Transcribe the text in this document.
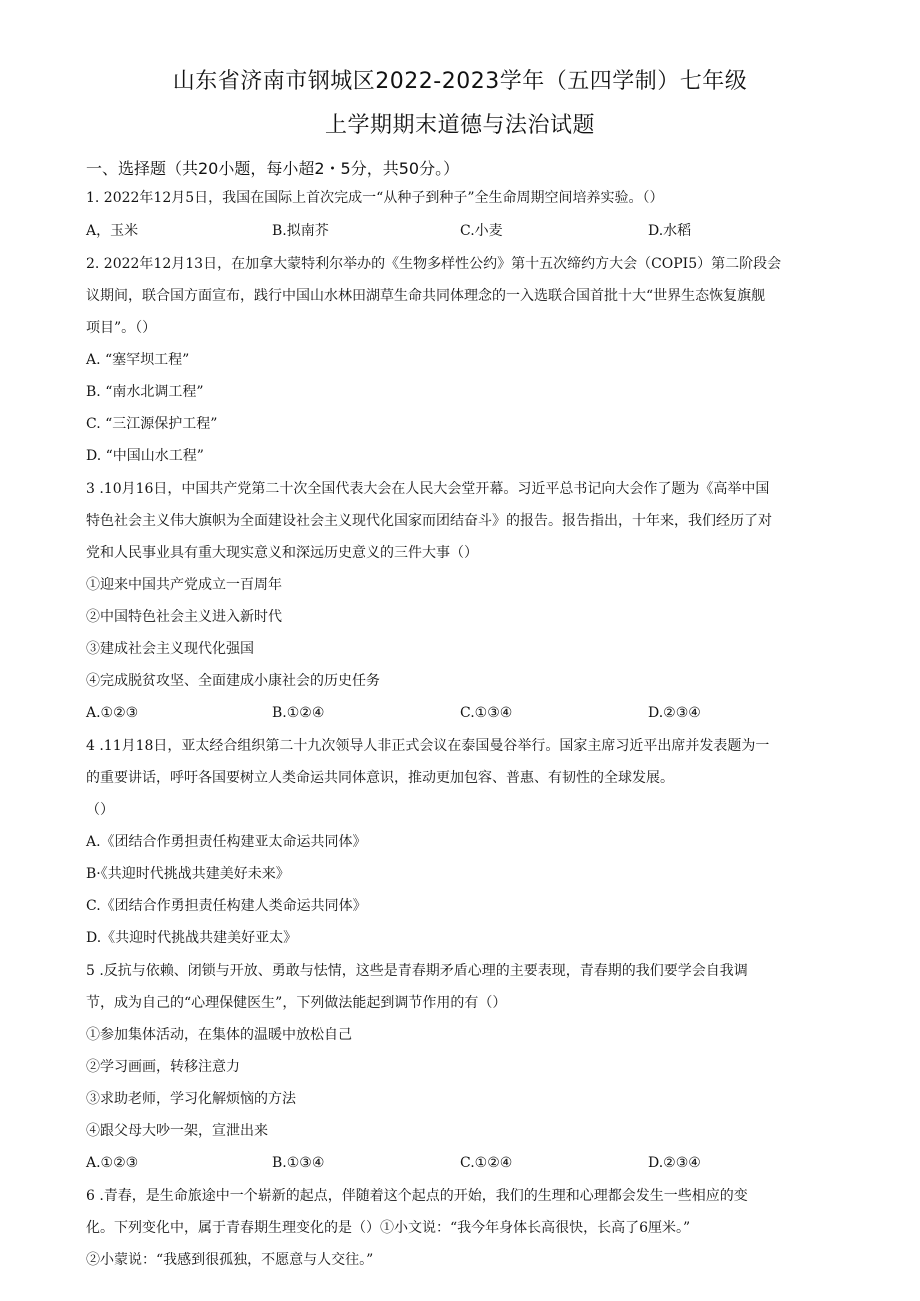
山东省济南市钢城区2022-2023学年（五四学制）七年级
上学期期末道德与法治试题
一、选择题（共20小题，每小超2・5分，共50分。）
1. 2022年12月5日，我国在国际上首次完成一“从种子到种子”全生命周期空间培养实验。（）
A，玉米	B.拟南芥	C.小麦	D.水稻
2. 2022年12月13日，在加拿大蒙特利尔举办的《生物多样性公约》第十五次缔约方大会（COPI5）第二阶段会
议期间，联合国方面宣布，践行中国山水林田湖草生命共同体理念的一入选联合国首批十大“世界生态恢复旗舰
项目”。（）
A. “塞罕坝工程”
B. “南水北调工程”
C. “三江源保护工程”
D. “中国山水工程”
3 .10月16日，中国共产党第二十次全国代表大会在人民大会堂开幕。习近平总书记向大会作了题为《高举中国
特色社会主义伟大旗帜为全面建设社会主义现代化国家而团结奋斗》的报告。报告指出，十年来，我们经历了对
党和人民事业具有重大现实意义和深远历史意义的三件大事（）
①迎来中国共产党成立一百周年
②中国特色社会主义进入新时代
③建成社会主义现代化强国
④完成脱贫攻坚、全面建成小康社会的历史任务
A.①②③	B.①②④	C.①③④	D.②③④
4 .11月18日，亚太经合组织第二十九次领导人非正式会议在泰国曼谷举行。国家主席习近平出席并发表题为一
的重要讲话，呼吁各国要树立人类命运共同体意识，推动更加包容、普惠、有韧性的全球发展。
（）
A.《团结合作勇担责任构建亚太命运共同体》
B·《共迎时代挑战共建美好未来》
C.《团结合作勇担责任构建人类命运共同体》
D.《共迎时代挑战共建美好亚太》
5 .反抗与依赖、闭锁与开放、勇敢与怯情，这些是青春期矛盾心理的主要表现，青春期的我们要学会自我调
节，成为自己的“心理保健医生”，下列做法能起到调节作用的有（）
①参加集体活动，在集体的温暖中放松自己
②学习画画，转移注意力
③求助老师，学习化解烦恼的方法
④跟父母大吵一架，宣泄出来
A.①②③	B.①③④	C.①②④	D.②③④
6 .青春，是生命旅途中一个崭新的起点，伴随着这个起点的开始，我们的生理和心理都会发生一些相应的变
化。下列变化中，属于青春期生理变化的是（）①小文说：“我今年身体长高很快，长高了6厘米。”
②小蒙说：“我感到很孤独，不愿意与人交往。”
